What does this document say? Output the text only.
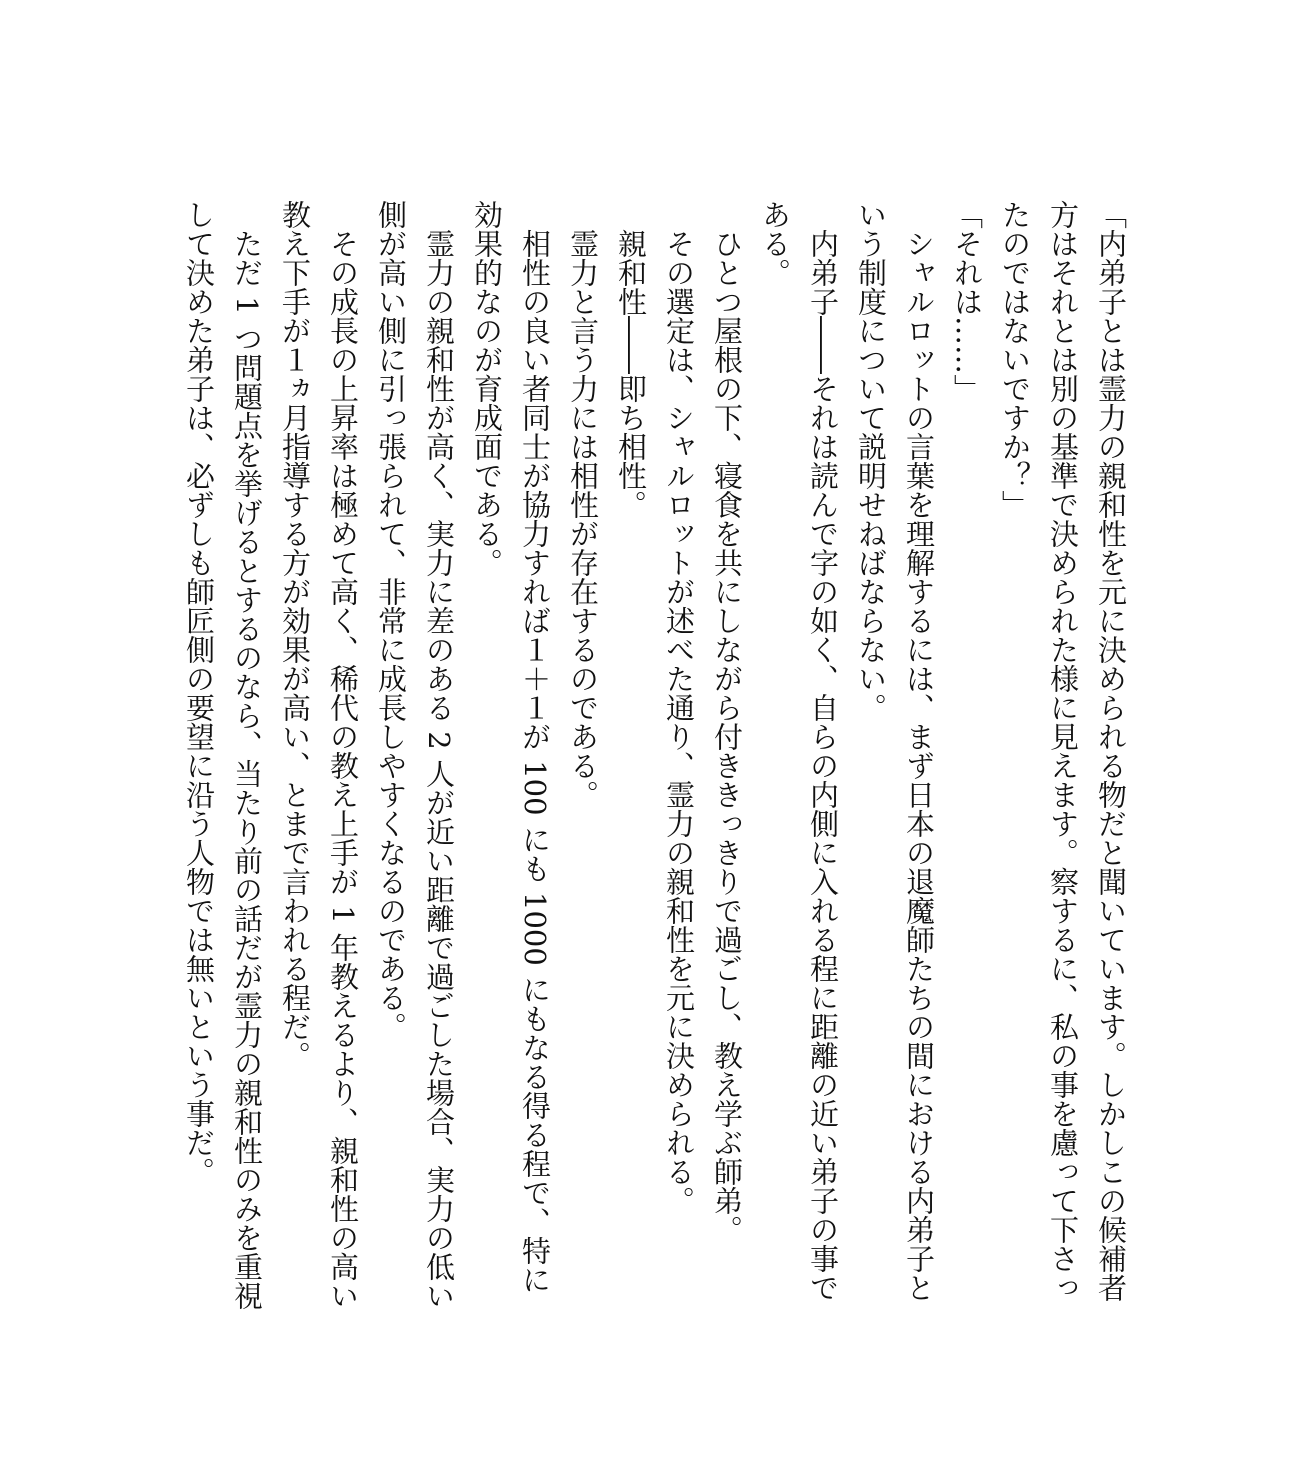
「内弟子とは霊力の親和性を元に決められる物だと聞いています。しかしこの候補者方はそれとは別の基準で決められた様に見えます。察するに、私の事を慮って下さったのではないですか？」

「それは……」

シャルロットの言葉を理解するには、まず日本の退魔師たちの間における内弟子という制度について説明せねばならない。

内弟子――それは読んで字の如く、自らの内側に入れる程に距離の近い弟子の事である。

ひとつ屋根の下、寝食を共にしながら付ききっきりで過ごし、教え学ぶ師弟。

その選定は、シャルロットが述べた通り、霊力の親和性を元に決められる。

親和性――即ち相性。

霊力と言う力には相性が存在するのである。

相性の良い者同士が協力すれば１＋１が 100 にも 1000 にもなる得る程で、特に効果的なのが育成面である。

霊力の親和性が高く、実力に差のある 2 人が近い距離で過ごした場合、実力の低い側が高い側に引っ張られて、非常に成長しやすくなるのである。

その成長の上昇率は極めて高く、稀代の教え上手が 1 年教えるより、親和性の高い教え下手が１ヵ月指導する方が効果が高い、とまで言われる程だ。

ただ 1 つ問題点を挙げるとするのなら、当たり前の話だが霊力の親和性のみを重視して決めた弟子は、必ずしも師匠側の要望に沿う人物では無いという事だ。
